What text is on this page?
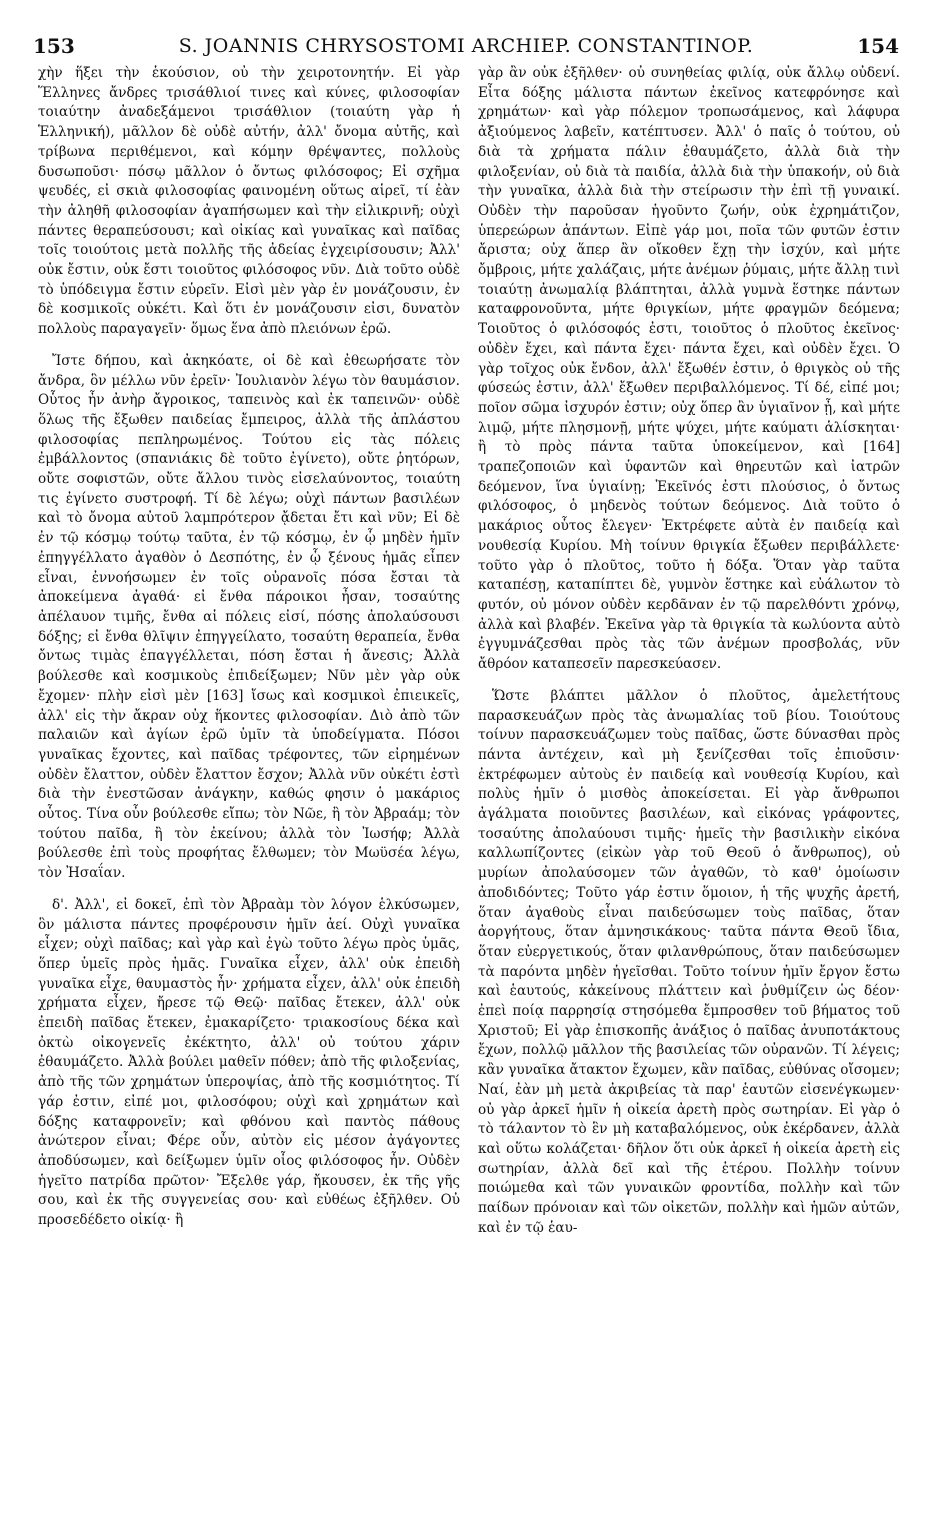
153	S. JOANNIS CHRYSOSTOMI ARCHIEP. CONSTANTINOP.	154

χὴν ἥξει τὴν ἑκούσιον, οὐ τὴν χειροτονητήν. Εἰ γὰρ Ἕλληνες ἄνδρες τρισάθλιοί τινες καὶ κύνες, φιλοσοφίαν τοιαύτην ἀναδεξάμενοι τρισάθλιον (τοιαύτη γὰρ ἡ Ἑλληνική), μᾶλλον δὲ οὐδὲ αὐτήν, ἀλλ' ὄνομα αὐτῆς, καὶ τρίβωνα περιθέμενοι, καὶ κόμην θρέψαντες, πολλοὺς δυσωποῦσι· πόσῳ μᾶλλον ὁ ὄντως φιλόσοφος; Εἰ σχῆμα ψευδές, εἰ σκιὰ φιλοσοφίας φαινομένη οὕτως αἱρεῖ, τί ἐὰν τὴν ἀληθῆ φιλοσοφίαν ἀγαπήσωμεν καὶ τὴν εἰλικρινῆ; οὐχὶ πάντες θεραπεύσουσι; καὶ οἰκίας καὶ γυναῖκας καὶ παῖδας τοῖς τοιούτοις μετὰ πολλῆς τῆς ἀδείας ἐγχειρίσουσιν; Ἀλλ' οὐκ ἔστιν, οὐκ ἔστι τοιοῦτος φιλόσοφος νῦν. Διὰ τοῦτο οὐδὲ τὸ ὑπόδειγμα ἔστιν εὑρεῖν. Εἰσὶ μὲν γὰρ ἐν μονάζουσιν, ἐν δὲ κοσμικοῖς οὐκέτι. Καὶ ὅτι ἐν μονάζουσιν εἰσι, δυνατὸν πολλοὺς παραγαγεῖν· ὅμως ἕνα ἀπὸ πλειόνων ἐρῶ.

Ἴστε δήπου, καὶ ἀκηκόατε, οἱ δὲ καὶ ἐθεωρήσατε τὸν ἄνδρα, ὃν μέλλω νῦν ἐρεῖν· Ἰουλιανὸν λέγω τὸν θαυμάσιον. Οὗτος ἦν ἀνὴρ ἄγροικος, ταπεινὸς καὶ ἐκ ταπεινῶν· οὐδὲ ὅλως τῆς ἔξωθεν παιδείας ἔμπειρος, ἀλλὰ τῆς ἀπλάστου φιλοσοφίας πεπληρωμένος. Τούτου εἰς τὰς πόλεις ἐμβάλλοντος (σπανιάκις δὲ τοῦτο ἐγίνετο), οὔτε ῥητόρων, οὔτε σοφιστῶν, οὔτε ἄλλου τινὸς εἰσελαύνοντος, τοιαύτη τις ἐγίνετο συστροφή. Τί δὲ λέγω; οὐχὶ πάντων βασιλέων καὶ τὸ ὄνομα αὐτοῦ λαμπρότερον ᾄδεται ἔτι καὶ νῦν; Εἰ δὲ ἐν τῷ κόσμῳ τούτῳ ταῦτα, ἐν τῷ κόσμῳ, ἐν ᾧ μηδὲν ἡμῖν ἐπηγγέλλατο ἀγαθὸν ὁ Δεσπότης, ἐν ᾧ ξένους ἡμᾶς εἶπεν εἶναι, ἐννοήσωμεν ἐν τοῖς οὐρανοῖς πόσα ἔσται τὰ ἀποκείμενα ἀγαθά· εἰ ἔνθα πάροικοι ἦσαν, τοσαύτης ἀπέλαυον τιμῆς, ἔνθα αἱ πόλεις εἰσί, πόσης ἀπολαύσουσι δόξης; εἰ ἔνθα θλῖψιν ἐπηγγείλατο, τοσαύτη θεραπεία, ἔνθα ὄντως τιμὰς ἐπαγγέλλεται, πόση ἔσται ἡ ἄνεσις; Ἀλλὰ βούλεσθε καὶ κοσμικοὺς ἐπιδείξωμεν; Νῦν μὲν γὰρ οὐκ ἔχομεν· πλὴν εἰσὶ μὲν [163] ἴσως καὶ κοσμικοὶ ἐπιεικεῖς, ἀλλ' εἰς τὴν ἄκραν οὐχ ἥκοντες φιλοσοφίαν. Διὸ ἀπὸ τῶν παλαιῶν καὶ ἁγίων ἐρῶ ὑμῖν τὰ ὑποδείγματα. Πόσοι γυναῖκας ἔχοντες, καὶ παῖδας τρέφοντες, τῶν εἰρημένων οὐδὲν ἔλαττον, οὐδὲν ἔλαττον ἔσχον; Ἀλλὰ νῦν οὐκέτι ἐστὶ διὰ τὴν ἐνεστῶσαν ἀνάγκην, καθώς φησιν ὁ μακάριος οὗτος. Τίνα οὖν βούλεσθε εἴπω; τὸν Νῶε, ἢ τὸν Ἀβραάμ; τὸν τούτου παῖδα, ἢ τὸν ἐκείνου; ἀλλὰ τὸν Ἰωσήφ; Ἀλλὰ βούλεσθε ἐπὶ τοὺς προφήτας ἔλθωμεν; τὸν Μωϋσέα λέγω, τὸν Ἠσαΐαν.

δ'. Ἀλλ', εἰ δοκεῖ, ἐπὶ τὸν Ἀβραὰμ τὸν λόγον ἑλκύσωμεν, ὃν μάλιστα πάντες προφέρουσιν ἡμῖν ἀεί. Οὐχὶ γυναῖκα εἶχεν; οὐχὶ παῖδας; καὶ γὰρ καὶ ἐγὼ τοῦτο λέγω πρὸς ὑμᾶς, ὅπερ ὑμεῖς πρὸς ἡμᾶς. Γυναῖκα εἶχεν, ἀλλ' οὐκ ἐπειδὴ γυναῖκα εἶχε, θαυμαστὸς ἦν· χρήματα εἶχεν, ἀλλ' οὐκ ἐπειδὴ χρήματα εἶχεν, ἤρεσε τῷ Θεῷ· παῖδας ἔτεκεν, ἀλλ' οὐκ ἐπειδὴ παῖδας ἔτεκεν, ἐμακαρίζετο· τριακοσίους δέκα καὶ ὀκτὼ οἰκογενεῖς ἐκέκτητο, ἀλλ' οὐ τούτου χάριν ἐθαυμάζετο. Ἀλλὰ βούλει μαθεῖν πόθεν; ἀπὸ τῆς φιλοξενίας, ἀπὸ τῆς τῶν χρημάτων ὑπεροψίας, ἀπὸ τῆς κοσμιότητος. Τί γάρ ἐστιν, εἰπέ μοι, φιλοσόφου; οὐχὶ καὶ χρημάτων καὶ δόξης καταφρονεῖν; καὶ φθόνου καὶ παντὸς πάθους ἀνώτερον εἶναι; Φέρε οὖν, αὐτὸν εἰς μέσον ἀγάγοντες ἀποδύσωμεν, καὶ δείξωμεν ὑμῖν οἷος φιλόσοφος ἦν. Οὐδὲν ἡγεῖτο πατρίδα πρῶτον· Ἔξελθε γάρ, ἤκουσεν, ἐκ τῆς γῆς σου, καὶ ἐκ τῆς συγγενείας σου· καὶ εὐθέως ἐξῆλθεν. Οὐ προσεδέδετο οἰκίᾳ· ἢ

γὰρ ἂν οὐκ ἐξῆλθεν· οὐ συνηθείας φιλίᾳ, οὐκ ἄλλῳ οὐδενί. Εἶτα δόξης μάλιστα πάντων ἐκεῖνος κατεφρόνησε καὶ χρημάτων· καὶ γὰρ πόλεμον τροπωσάμενος, καὶ λάφυρα ἀξιούμενος λαβεῖν, κατέπτυσεν. Ἀλλ' ὁ παῖς ὁ τούτου, οὐ διὰ τὰ χρήματα πάλιν ἐθαυμάζετο, ἀλλὰ διὰ τὴν φιλοξενίαν, οὐ διὰ τὰ παιδία, ἀλλὰ διὰ τὴν ὑπακοήν, οὐ διὰ τὴν γυναῖκα, ἀλλὰ διὰ τὴν στείρωσιν τὴν ἐπὶ τῇ γυναικί. Οὐδὲν τὴν παροῦσαν ἡγοῦντο ζωήν, οὐκ ἐχρημάτιζον, ὑπερεώρων ἁπάντων. Εἰπὲ γάρ μοι, ποῖα τῶν φυτῶν ἐστιν ἄριστα; οὐχ ἅπερ ἂν οἴκοθεν ἔχῃ τὴν ἰσχύν, καὶ μήτε ὄμβροις, μήτε χαλάζαις, μήτε ἀνέμων ῥύμαις, μήτε ἄλλῃ τινὶ τοιαύτῃ ἀνωμαλίᾳ βλάπτηται, ἀλλὰ γυμνὰ ἕστηκε πάντων καταφρονοῦντα, μήτε θριγκίων, μήτε φραγμῶν δεόμενα; Τοιοῦτος ὁ φιλόσοφός ἐστι, τοιοῦτος ὁ πλοῦτος ἐκεῖνος· οὐδὲν ἔχει, καὶ πάντα ἔχει· πάντα ἔχει, καὶ οὐδὲν ἔχει. Ὁ γὰρ τοῖχος οὐκ ἔνδον, ἀλλ' ἔξωθέν ἐστιν, ὁ θριγκὸς οὐ τῆς φύσεώς ἐστιν, ἀλλ' ἔξωθεν περιβαλλόμενος. Τί δέ, εἰπέ μοι; ποῖον σῶμα ἰσχυρόν ἐστιν; οὐχ ὅπερ ἂν ὑγιαῖνον ᾖ, καὶ μήτε λιμῷ, μήτε πλησμονῇ, μήτε ψύχει, μήτε καύματι ἁλίσκηται· ἢ τὸ πρὸς πάντα ταῦτα ὑποκείμενον, καὶ [164] τραπεζοποιῶν καὶ ὑφαντῶν καὶ θηρευτῶν καὶ ἰατρῶν δεόμενον, ἵνα ὑγιαίνῃ; Ἐκεῖνός ἐστι πλούσιος, ὁ ὄντως φιλόσοφος, ὁ μηδενὸς τούτων δεόμενος. Διὰ τοῦτο ὁ μακάριος οὗτος ἔλεγεν· Ἐκτρέφετε αὐτὰ ἐν παιδείᾳ καὶ νουθεσίᾳ Κυρίου. Μὴ τοίνυν θριγκία ἔξωθεν περιβάλλετε· τοῦτο γὰρ ὁ πλοῦτος, τοῦτο ἡ δόξα. Ὅταν γὰρ ταῦτα καταπέσῃ, καταπίπτει δὲ, γυμνὸν ἕστηκε καὶ εὐάλωτον τὸ φυτόν, οὐ μόνον οὐδὲν κερδᾶναν ἐν τῷ παρελθόντι χρόνῳ, ἀλλὰ καὶ βλαβέν. Ἐκεῖνα γὰρ τὰ θριγκία τὰ κωλύοντα αὐτὸ ἐγγυμνάζεσθαι πρὸς τὰς τῶν ἀνέμων προσβολάς, νῦν ἄθρόον καταπεσεῖν παρεσκεύασεν.

Ὥστε βλάπτει μᾶλλον ὁ πλοῦτος, ἀμελετήτους παρασκευάζων πρὸς τὰς ἀνωμαλίας τοῦ βίου. Τοιούτους τοίνυν παρασκευάζωμεν τοὺς παῖδας, ὥστε δύνασθαι πρὸς πάντα ἀντέχειν, καὶ μὴ ξενίζεσθαι τοῖς ἐπιοῦσιν· ἐκτρέφωμεν αὐτοὺς ἐν παιδείᾳ καὶ νουθεσίᾳ Κυρίου, καὶ πολὺς ἡμῖν ὁ μισθὸς ἀποκείσεται. Εἰ γὰρ ἄνθρωποι ἀγάλματα ποιοῦντες βασιλέων, καὶ εἰκόνας γράφοντες, τοσαύτης ἀπολαύουσι τιμῆς· ἡμεῖς τὴν βασιλικὴν εἰκόνα καλλωπίζοντες (εἰκὼν γὰρ τοῦ Θεοῦ ὁ ἄνθρωπος), οὐ μυρίων ἀπολαύσομεν τῶν ἀγαθῶν, τὸ καθ' ὁμοίωσιν ἀποδιδόντες; Τοῦτο γάρ ἐστιν ὅμοιον, ἡ τῆς ψυχῆς ἀρετή, ὅταν ἀγαθοὺς εἶναι παιδεύσωμεν τοὺς παῖδας, ὅταν ἀοργήτους, ὅταν ἀμνησικάκους· ταῦτα πάντα Θεοῦ ἴδια, ὅταν εὐεργετικούς, ὅταν φιλανθρώπους, ὅταν παιδεύσωμεν τὰ παρόντα μηδὲν ἡγεῖσθαι. Τοῦτο τοίνυν ἡμῖν ἔργον ἔστω καὶ ἑαυτούς, κἀκείνους πλάττειν καὶ ῥυθμίζειν ὡς δέον· ἐπεὶ ποίᾳ παρρησίᾳ στησόμεθα ἔμπροσθεν τοῦ βήματος τοῦ Χριστοῦ; Εἰ γὰρ ἐπισκοπῆς ἀνάξιος ὁ παῖδας ἀνυποτάκτους ἔχων, πολλῷ μᾶλλον τῆς βασιλείας τῶν οὐρανῶν. Τί λέγεις; κἂν γυναῖκα ἄτακτον ἔχωμεν, κἂν παῖδας, εὐθύνας οἴσομεν; Ναί, ἐὰν μὴ μετὰ ἀκριβείας τὰ παρ' ἑαυτῶν εἰσενέγκωμεν· οὐ γὰρ ἀρκεῖ ἡμῖν ἡ οἰκεία ἀρετὴ πρὸς σωτηρίαν. Εἰ γὰρ ὁ τὸ τάλαντον τὸ ἓν μὴ καταβαλόμενος, οὐκ ἐκέρδανεν, ἀλλὰ καὶ οὕτω κολάζεται· δῆλον ὅτι οὐκ ἀρκεῖ ἡ οἰκεία ἀρετὴ εἰς σωτηρίαν, ἀλλὰ δεῖ καὶ τῆς ἑτέρου. Πολλὴν τοίνυν ποιώμεθα καὶ τῶν γυναικῶν φροντίδα, πολλὴν καὶ τῶν παίδων πρόνοιαν καὶ τῶν οἰκετῶν, πολλὴν καὶ ἡμῶν αὐτῶν, καὶ ἐν τῷ ἑαυ-
